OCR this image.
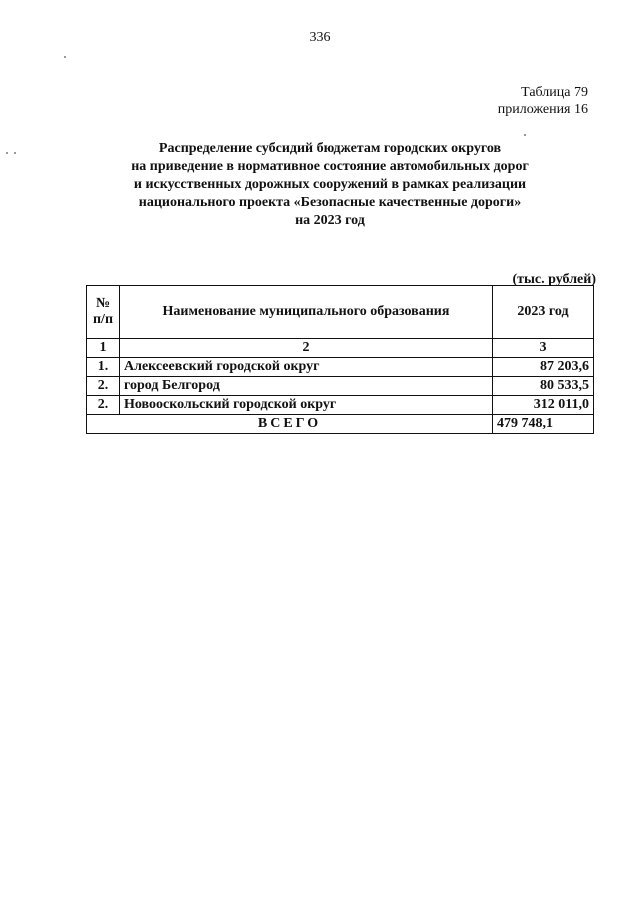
336
Таблица 79
приложения 16
Распределение субсидий бюджетам городских округов
на приведение в нормативное состояние автомобильных дорог
и искусственных дорожных сооружений в рамках реализации
национального проекта «Безопасные качественные дороги»
на 2023 год
(тыс. рублей)
№
п/п	Наименование муниципального образования	2023 год
1	2	3
1.	Алексеевский городской округ	87 203,6
2.	город Белгород	80 533,5
2.	Новооскольский городской округ	312 011,0
ВСЕГО		479 748,1
